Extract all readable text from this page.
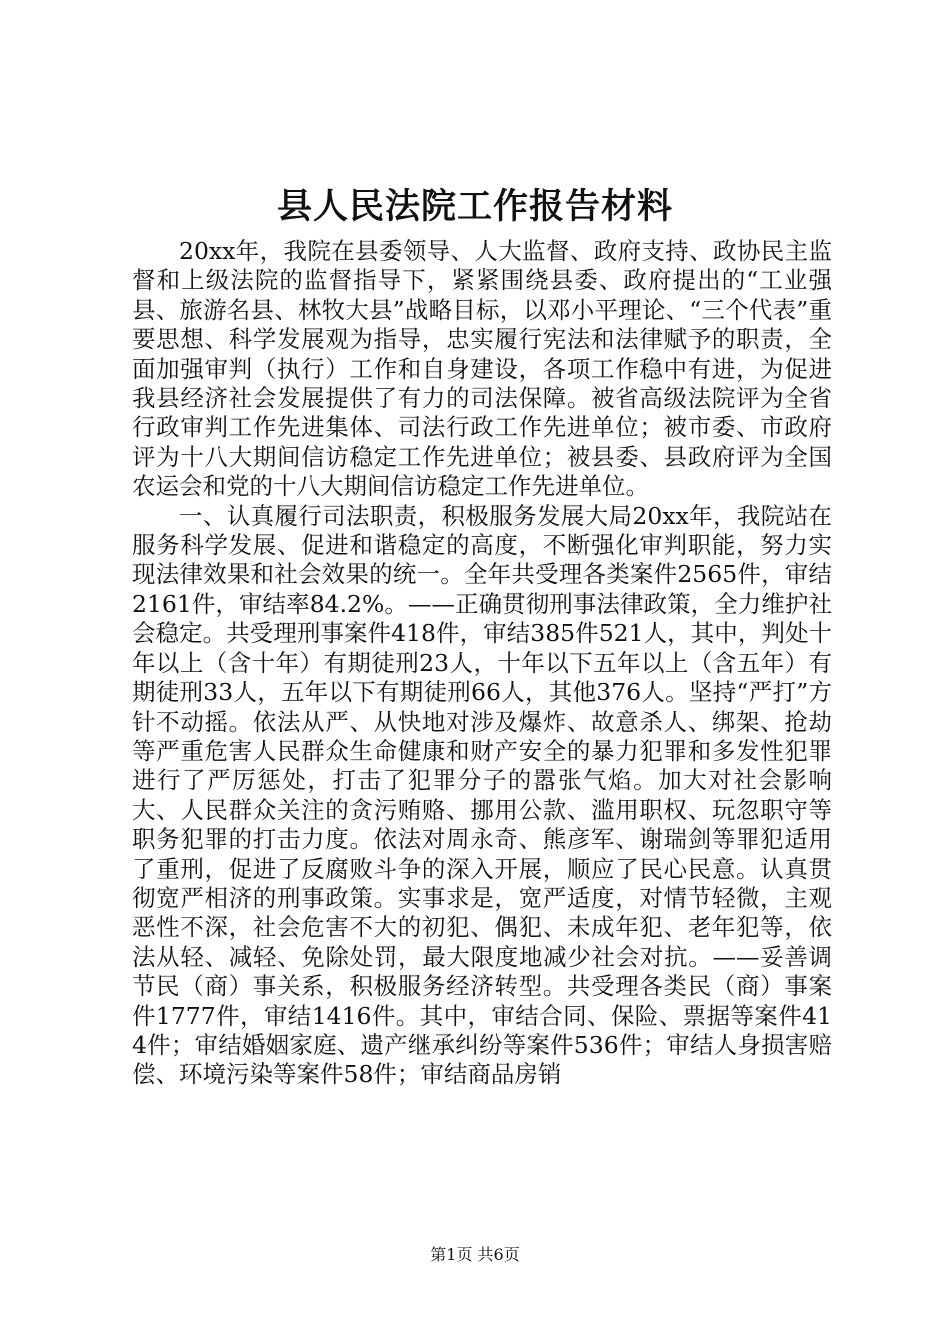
县人民法院工作报告材料

20xx年，我院在县委领导、人大监督、政府支持、政协民主监督和上级法院的监督指导下，紧紧围绕县委、政府提出的“工业强县、旅游名县、林牧大县”战略目标，以邓小平理论、“三个代表”重要思想、科学发展观为指导，忠实履行宪法和法律赋予的职责，全面加强审判（执行）工作和自身建设，各项工作稳中有进，为促进我县经济社会发展提供了有力的司法保障。被省高级法院评为全省行政审判工作先进集体、司法行政工作先进单位；被市委、市政府评为十八大期间信访稳定工作先进单位；被县委、县政府评为全国农运会和党的十八大期间信访稳定工作先进单位。

一、认真履行司法职责，积极服务发展大局20xx年，我院站在服务科学发展、促进和谐稳定的高度，不断强化审判职能，努力实现法律效果和社会效果的统一。全年共受理各类案件2565件，审结2161件，审结率84.2%。——正确贯彻刑事法律政策，全力维护社会稳定。共受理刑事案件418件，审结385件521人，其中，判处十年以上（含十年）有期徒刑23人，十年以下五年以上（含五年）有期徒刑33人，五年以下有期徒刑66人，其他376人。坚持“严打”方针不动摇。依法从严、从快地对涉及爆炸、故意杀人、绑架、抢劫等严重危害人民群众生命健康和财产安全的暴力犯罪和多发性犯罪进行了严厉惩处，打击了犯罪分子的嚣张气焰。加大对社会影响大、人民群众关注的贪污贿赂、挪用公款、滥用职权、玩忽职守等职务犯罪的打击力度。依法对周永奇、熊彦军、谢瑞剑等罪犯适用了重刑，促进了反腐败斗争的深入开展，顺应了民心民意。认真贯彻宽严相济的刑事政策。实事求是，宽严适度，对情节轻微，主观恶性不深，社会危害不大的初犯、偶犯、未成年犯、老年犯等，依法从轻、减轻、免除处罚，最大限度地减少社会对抗。——妥善调节民（商）事关系，积极服务经济转型。共受理各类民（商）事案件1777件，审结1416件。其中，审结合同、保险、票据等案件414件；审结婚姻家庭、遗产继承纠纷等案件536件；审结人身损害赔偿、环境污染等案件58件；审结商品房销

第1页 共6页
